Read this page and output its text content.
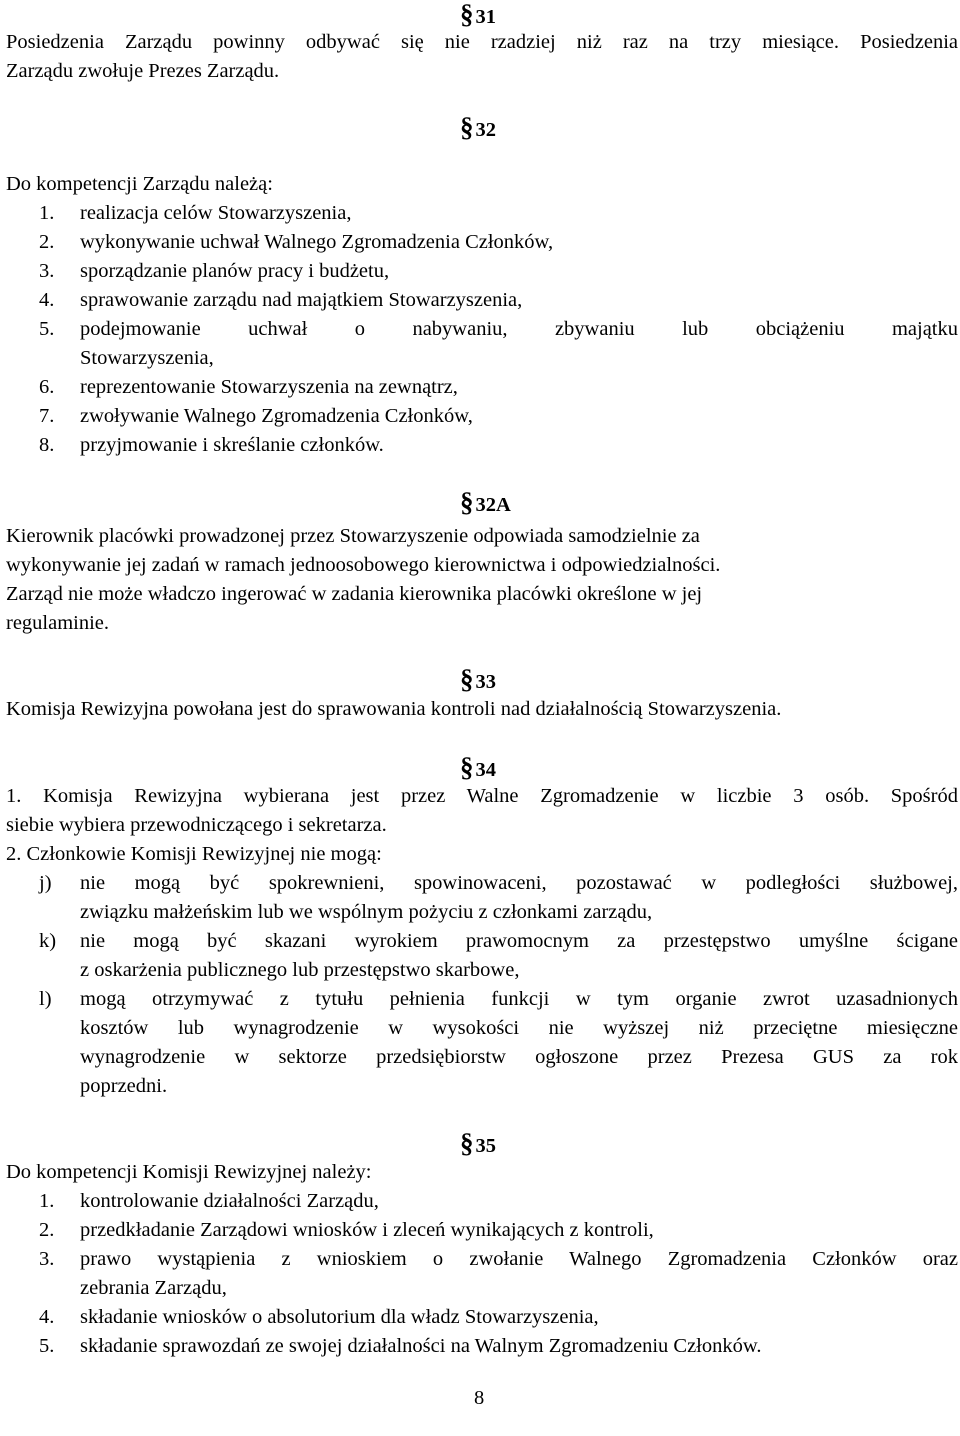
§31
Posiedzenia Zarządu powinny odbywać się nie rzadziej niż raz na trzy miesiące. Posiedzenia
Zarządu zwołuje Prezes Zarządu.
§32
Do kompetencji Zarządu należą:
1.	realizacja celów Stowarzyszenia,
2.	wykonywanie uchwał Walnego Zgromadzenia Członków,
3.	sporządzanie planów pracy i budżetu,
4.	sprawowanie zarządu nad majątkiem Stowarzyszenia,
5.	podejmowanie uchwał o nabywaniu, zbywaniu lub obciążeniu majątku
Stowarzyszenia,
6.	reprezentowanie Stowarzyszenia na zewnątrz,
7.	zwoływanie Walnego Zgromadzenia Członków,
8.	przyjmowanie i skreślanie członków.
§32A
Kierownik placówki prowadzonej przez Stowarzyszenie odpowiada samodzielnie za
wykonywanie jej zadań w ramach jednoosobowego kierownictwa i odpowiedzialności.
Zarząd nie może władczo ingerować w zadania kierownika placówki określone w jej
regulaminie.
§33
Komisja Rewizyjna powołana jest do sprawowania kontroli nad działalnością Stowarzyszenia.
§34
1. Komisja Rewizyjna wybierana jest przez Walne Zgromadzenie w liczbie 3 osób. Spośród
siebie wybiera przewodniczącego i sekretarza.
2. Członkowie Komisji Rewizyjnej nie mogą:
j)	nie mogą być spokrewnieni, spowinowaceni, pozostawać w podległości służbowej,
związku małżeńskim lub we wspólnym pożyciu z członkami zarządu,
k)	nie mogą być skazani wyrokiem prawomocnym za przestępstwo umyślne ścigane
z oskarżenia publicznego lub przestępstwo skarbowe,
l)	mogą otrzymywać z tytułu pełnienia funkcji w tym organie zwrot uzasadnionych
kosztów lub wynagrodzenie w wysokości nie wyższej niż przeciętne miesięczne
wynagrodzenie w sektorze przedsiębiorstw ogłoszone przez Prezesa GUS za rok
poprzedni.
§35
Do kompetencji Komisji Rewizyjnej należy:
1.	kontrolowanie działalności Zarządu,
2.	przedkładanie Zarządowi wniosków i zleceń wynikających z kontroli,
3.	prawo wystąpienia z wnioskiem o zwołanie Walnego Zgromadzenia Członków oraz
zebrania Zarządu,
4.	składanie wniosków o absolutorium dla władz Stowarzyszenia,
5.	składanie sprawozdań ze swojej działalności na Walnym Zgromadzeniu Członków.
8
